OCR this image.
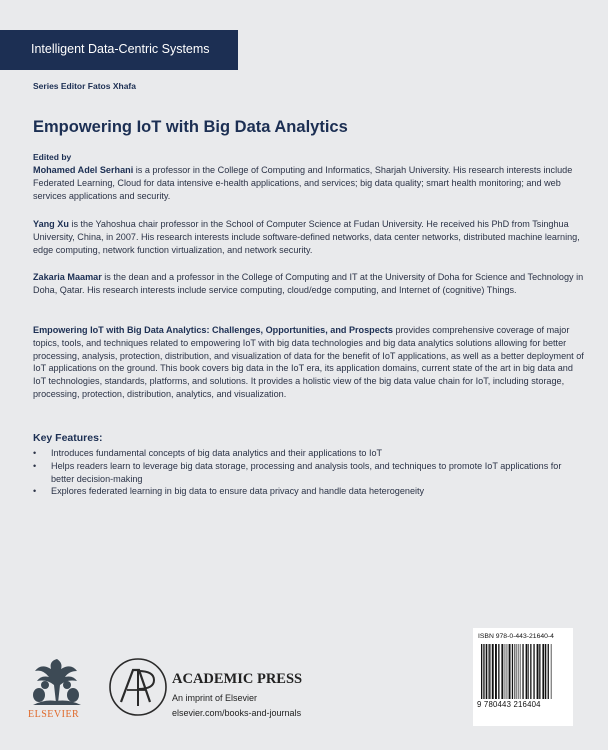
Intelligent Data-Centric Systems
Series Editor Fatos Xhafa
Empowering IoT with Big Data Analytics
Edited by
Mohamed Adel Serhani is a professor in the College of Computing and Informatics, Sharjah University. His research interests include Federated Learning, Cloud for data intensive e-health applications, and services; big data quality; smart health monitoring; and web services applications and security.
Yang Xu is the Yahoshua chair professor in the School of Computer Science at Fudan University. He received his PhD from Tsinghua University, China, in 2007. His research interests include software-defined networks, data center networks, distributed machine learning, edge computing, network function virtualization, and network security.
Zakaria Maamar is the dean and a professor in the College of Computing and IT at the University of Doha for Science and Technology in Doha, Qatar. His research interests include service computing, cloud/edge computing, and Internet of (cognitive) Things.
Empowering IoT with Big Data Analytics: Challenges, Opportunities, and Prospects provides comprehensive coverage of major topics, tools, and techniques related to empowering IoT with big data technologies and big data analytics solutions allowing for better processing, analysis, protection, distribution, and visualization of data for the benefit of IoT applications, as well as a better deployment of IoT applications on the ground. This book covers big data in the IoT era, its application domains, current state of the art in big data and IoT technologies, standards, platforms, and solutions. It provides a holistic view of the big data value chain for IoT, including storage, processing, protection, distribution, analytics, and visualization.
Key Features:
• Introduces fundamental concepts of big data analytics and their applications to IoT
• Helps readers learn to leverage big data storage, processing and analysis tools, and techniques to promote IoT applications for better decision-making
• Explores federated learning in big data to ensure data privacy and handle data heterogeneity
ELSEVIER
ACADEMIC PRESS
An imprint of Elsevier
elsevier.com/books-and-journals
ISBN 978-0-443-21640-4
9 780443 216404
